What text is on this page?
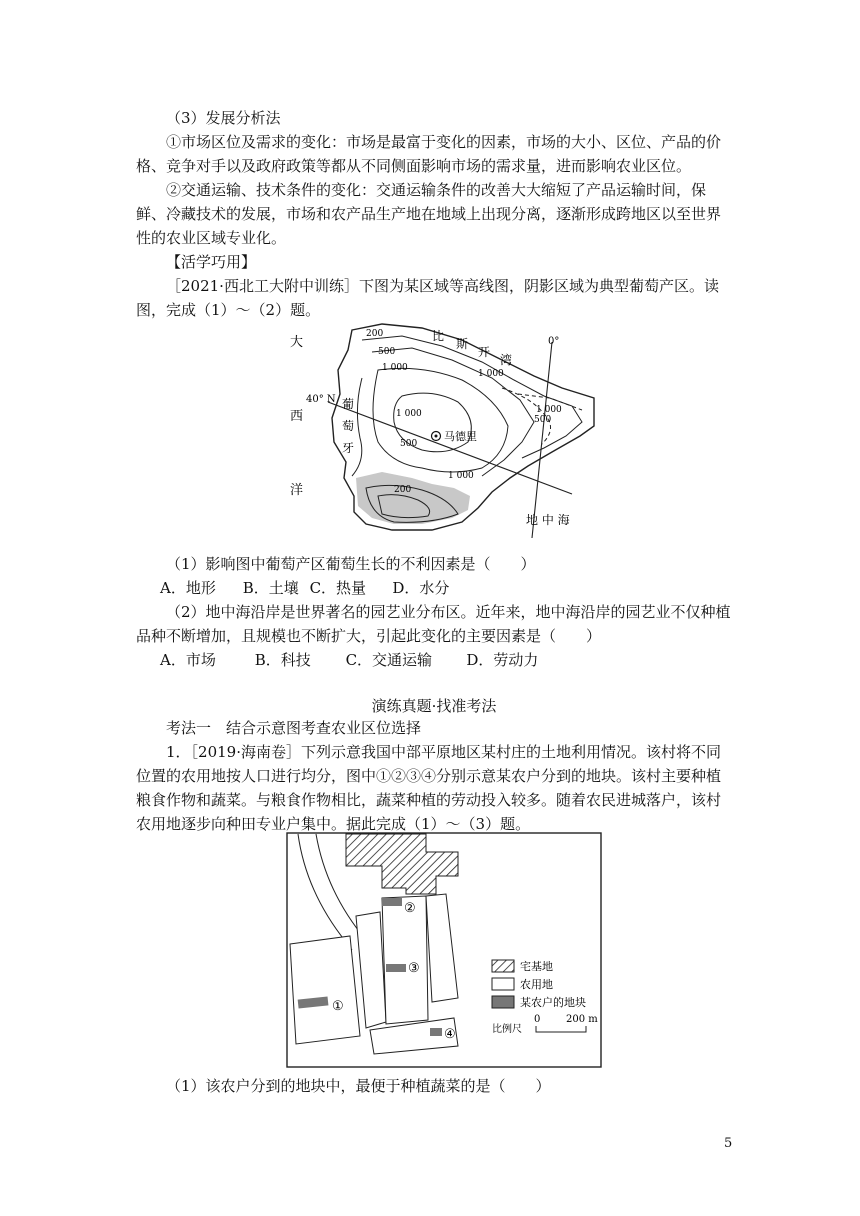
（3）发展分析法
①市场区位及需求的变化：市场是最富于变化的因素，市场的大小、区位、产品的价格、竞争对手以及政府政策等都从不同侧面影响市场的需求量，进而影响农业区位。
②交通运输、技术条件的变化：交通运输条件的改善大大缩短了产品运输时间，保鲜、冷藏技术的发展，市场和农产品生产地在地域上出现分离，逐渐形成跨地区以至世界性的农业区域专业化。
【活学巧用】
［2021·西北工大附中训练］下图为某区域等高线图，阴影区域为典型葡萄产区。读图，完成（1）～（2）题。
马德里
大
西
洋
葡
萄
牙
比
斯
开
湾
地 中 海
40° N
0°
200
500
1 000
1 000	1 000
1 000
500
500
1 000
200
（1）影响图中葡萄产区葡萄生长的不利因素是（　　）
A．地形 B．土壤 C．热量 D．水分
（2）地中海沿岸是世界著名的园艺业分布区。近年来，地中海沿岸的园艺业不仅种植品种不断增加，且规模也不断扩大，引起此变化的主要因素是（　　）
A．市场	B．科技 C．交通运输 D．劳动力
演练真题·找准考法
考法一　结合示意图考查农业区位选择
1．［2019·海南卷］下列示意我国中部平原地区某村庄的土地利用情况。该村将不同位置的农用地按人口进行均分，图中①②③④分别示意某农户分到的地块。该村主要种植粮食作物和蔬菜。与粮食作物相比，蔬菜种植的劳动投入较多。随着农民进城落户，该村农用地逐步向种田专业户集中。据此完成（1）～（3）题。
①
②
③
④
宅基地
农用地
某农户的地块
比例尺
0	200 m
（1）该农户分到的地块中，最便于种植蔬菜的是（　　）
5
